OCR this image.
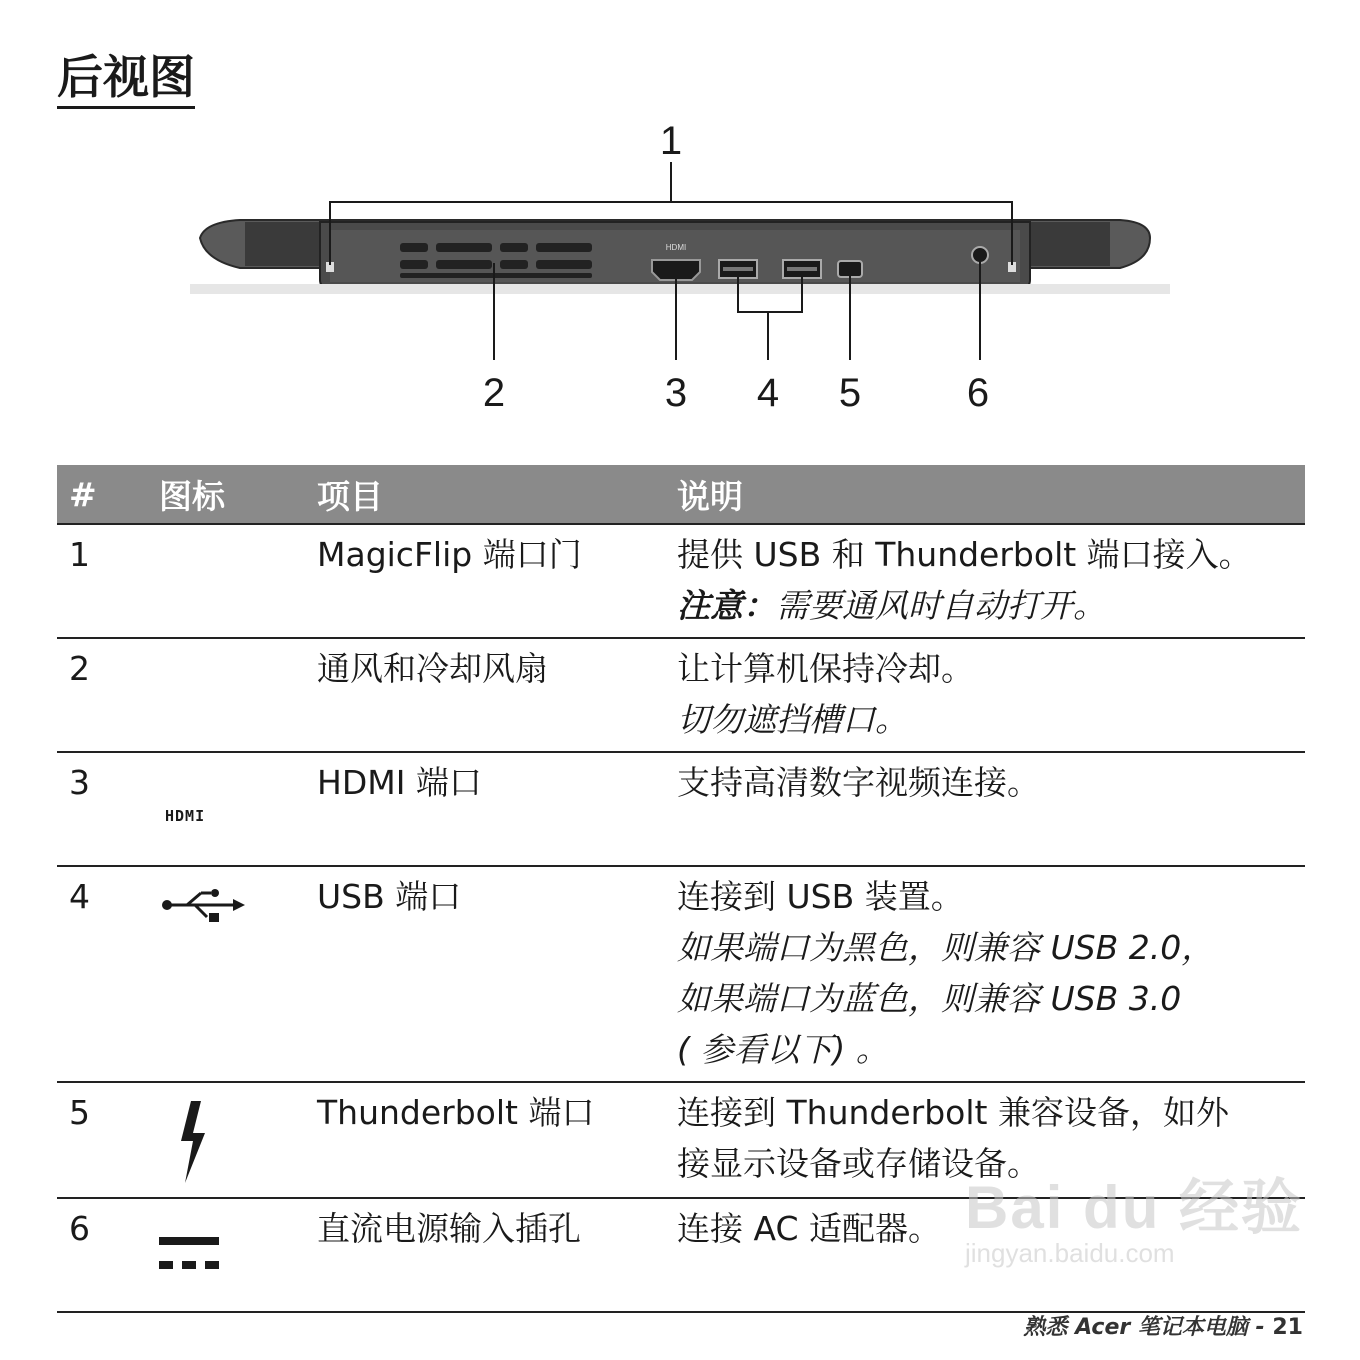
后视图
HDMI
1
2	3 4 5	6
#	图标	项目	说明
1		MagicFlip 端口门	提供 USB 和 Thunderbolt 端口接入。
注意：需要通风时自动打开。

2		通风和冷却风扇	让计算机保持冷却。
切勿遮挡槽口。

3	HDMI	HDMI 端口	支持高清数字视频连接。
4		USB 端口	连接到 USB 装置。
如果端口为黑色，则兼容 USB 2.0，
如果端口为蓝色，则兼容 USB 3.0
( 参看以下) 。

5		Thunderbolt 端口	连接到 Thunderbolt 兼容设备，如外
接显示设备或存储设备。

6		直流电源输入插孔	连接 AC 适配器。 Bai du 经验
jingyan.baidu.com
熟悉 Acer 笔记本电脑 - 21
